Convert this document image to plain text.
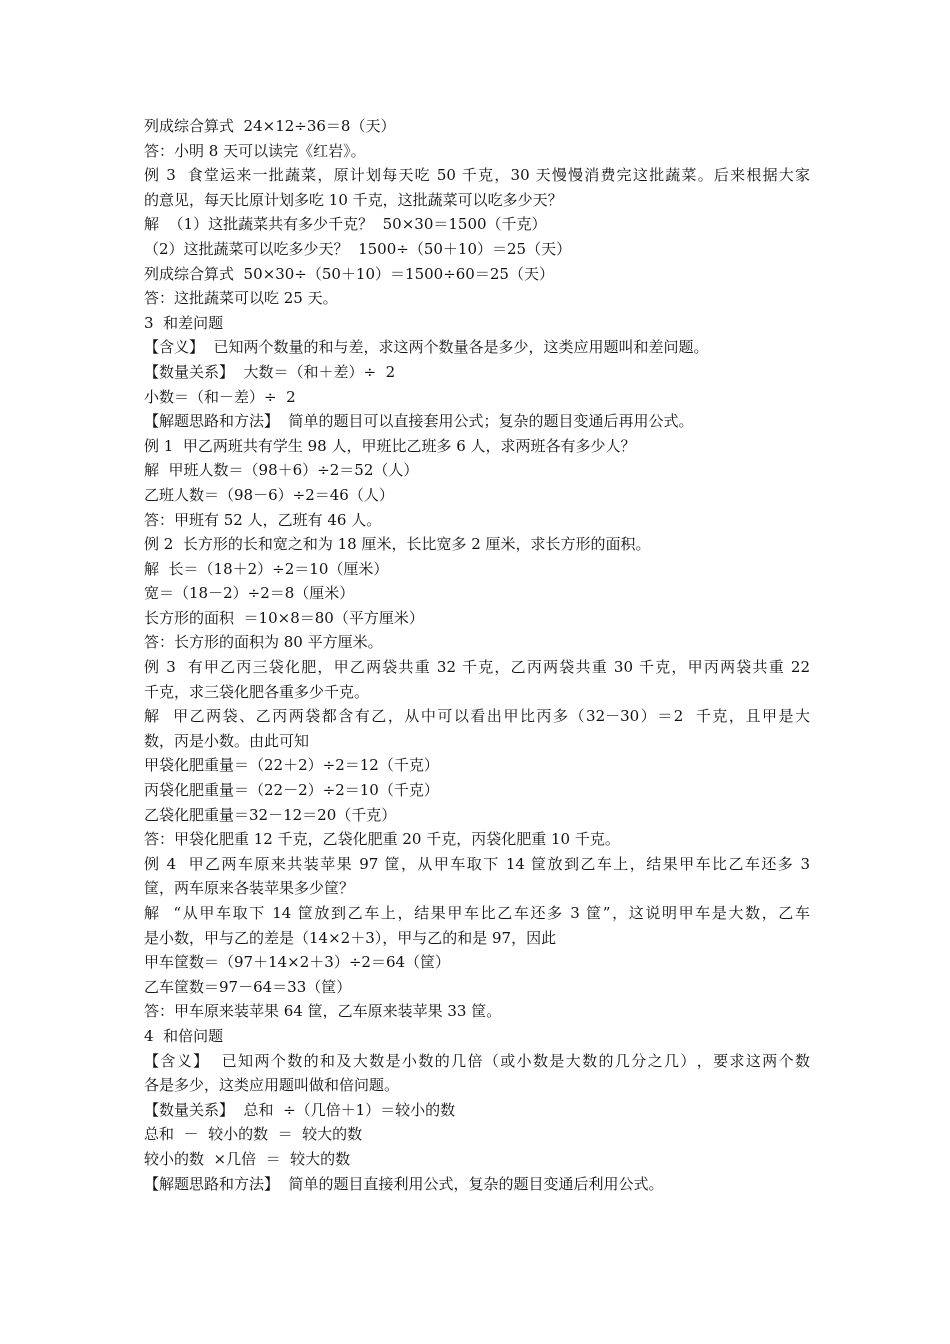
列成综合算式  24×12÷36＝8（天）
答：小明 8 天可以读完《红岩》。
例​ ​3​ ​ ​食​堂​运​来​一​批​蔬​菜​，​原​计​划​每​天​吃​ ​5​0​ ​千​克​，​3​0​ ​天​慢​慢​消​费​完​这​批​蔬​菜​。​后​来​根​据​大​家
的意见，每天比原计划多吃 10 千克，这批蔬菜可以吃多少天？
解  （1）这批蔬菜共有多少千克？  50×30＝1500（千克）
（2）这批蔬菜可以吃多少天？  1500÷（50＋10）＝25（天）
列成综合算式  50×30÷（50＋10）＝1500÷60＝25（天）
答：这批蔬菜可以吃 25 天。
3  和差问题
【含义】  已知两个数量的和与差，求这两个数量各是多少，这类应用题叫和差问题。
【数量关系】  大数＝（和＋差）÷  2
小数＝（和－差）÷  2
【解题思路和方法】  简单的题目可以直接套用公式；复杂的题目变通后再用公式。
例 1  甲乙两班共有学生 98 人，甲班比乙班多 6 人，求两班各有多少人？
解  甲班人数＝（98＋6）÷2＝52（人）
乙班人数＝（98－6）÷2＝46（人）
答：甲班有 52 人，乙班有 46 人。
例 2  长方形的长和宽之和为 18 厘米，长比宽多 2 厘米，求长方形的面积。
解  长＝（18＋2）÷2＝10（厘米）
宽＝（18－2）÷2＝8（厘米）
长方形的面积  ＝10×8＝80（平方厘米）
答：长方形的面积为 80 平方厘米。
例​ ​3​ ​ ​有​甲​乙​丙​三​袋​化​肥​，​甲​乙​两​袋​共​重​ ​3​2​ ​千​克​，​乙​丙​两​袋​共​重​ ​3​0​ ​千​克​，​甲​丙​两​袋​共​重​ ​2​2
千克，求三袋化肥各重多少千克。
解​ ​ ​甲​乙​两​袋​、​乙​丙​两​袋​都​含​有​乙​，​从​中​可​以​看​出​甲​比​丙​多​（​3​2​－​3​0​）​＝​2​ ​ ​千​克​，​且​甲​是​大
数，丙是小数。由此可知
甲袋化肥重量＝（22＋2）÷2＝12（千克）
丙袋化肥重量＝（22－2）÷2＝10（千克）
乙袋化肥重量＝32－12＝20（千克）
答：甲袋化肥重 12 千克，乙袋化肥重 20 千克，丙袋化肥重 10 千克。
例​ ​4​ ​ ​甲​乙​两​车​原​来​共​装​苹​果​ ​9​7​ ​筐​，​从​甲​车​取​下​ ​1​4​ ​筐​放​到​乙​车​上​，​结​果​甲​车​比​乙​车​还​多​ ​3
筐，两车原来各装苹果多少筐？
解​ ​ ​“​从​甲​车​取​下​ ​1​4​ ​筐​放​到​乙​车​上​，​结​果​甲​车​比​乙​车​还​多​ ​3​ ​筐​”​，​这​说​明​甲​车​是​大​数​，​乙​车
是小数，甲与乙的差是（14×2＋3），甲与乙的和是 97，因此
甲车筐数＝（97＋14×2＋3）÷2＝64（筐）
乙车筐数＝97－64＝33（筐）
答：甲车原来装苹果 64 筐，乙车原来装苹果 33 筐。
4  和倍问题
【​含​义​】​ ​ ​已​知​两​个​数​的​和​及​大​数​是​小​数​的​几​倍​（​或​小​数​是​大​数​的​几​分​之​几​）​，​要​求​这​两​个​数
各是多少，这类应用题叫做和倍问题。
【数量关系】  总和  ÷（几倍＋1）＝较小的数
总和  －  较小的数  ＝  较大的数
较小的数  ×几倍  ＝  较大的数
【解题思路和方法】  简单的题目直接利用公式，复杂的题目变通后利用公式。
